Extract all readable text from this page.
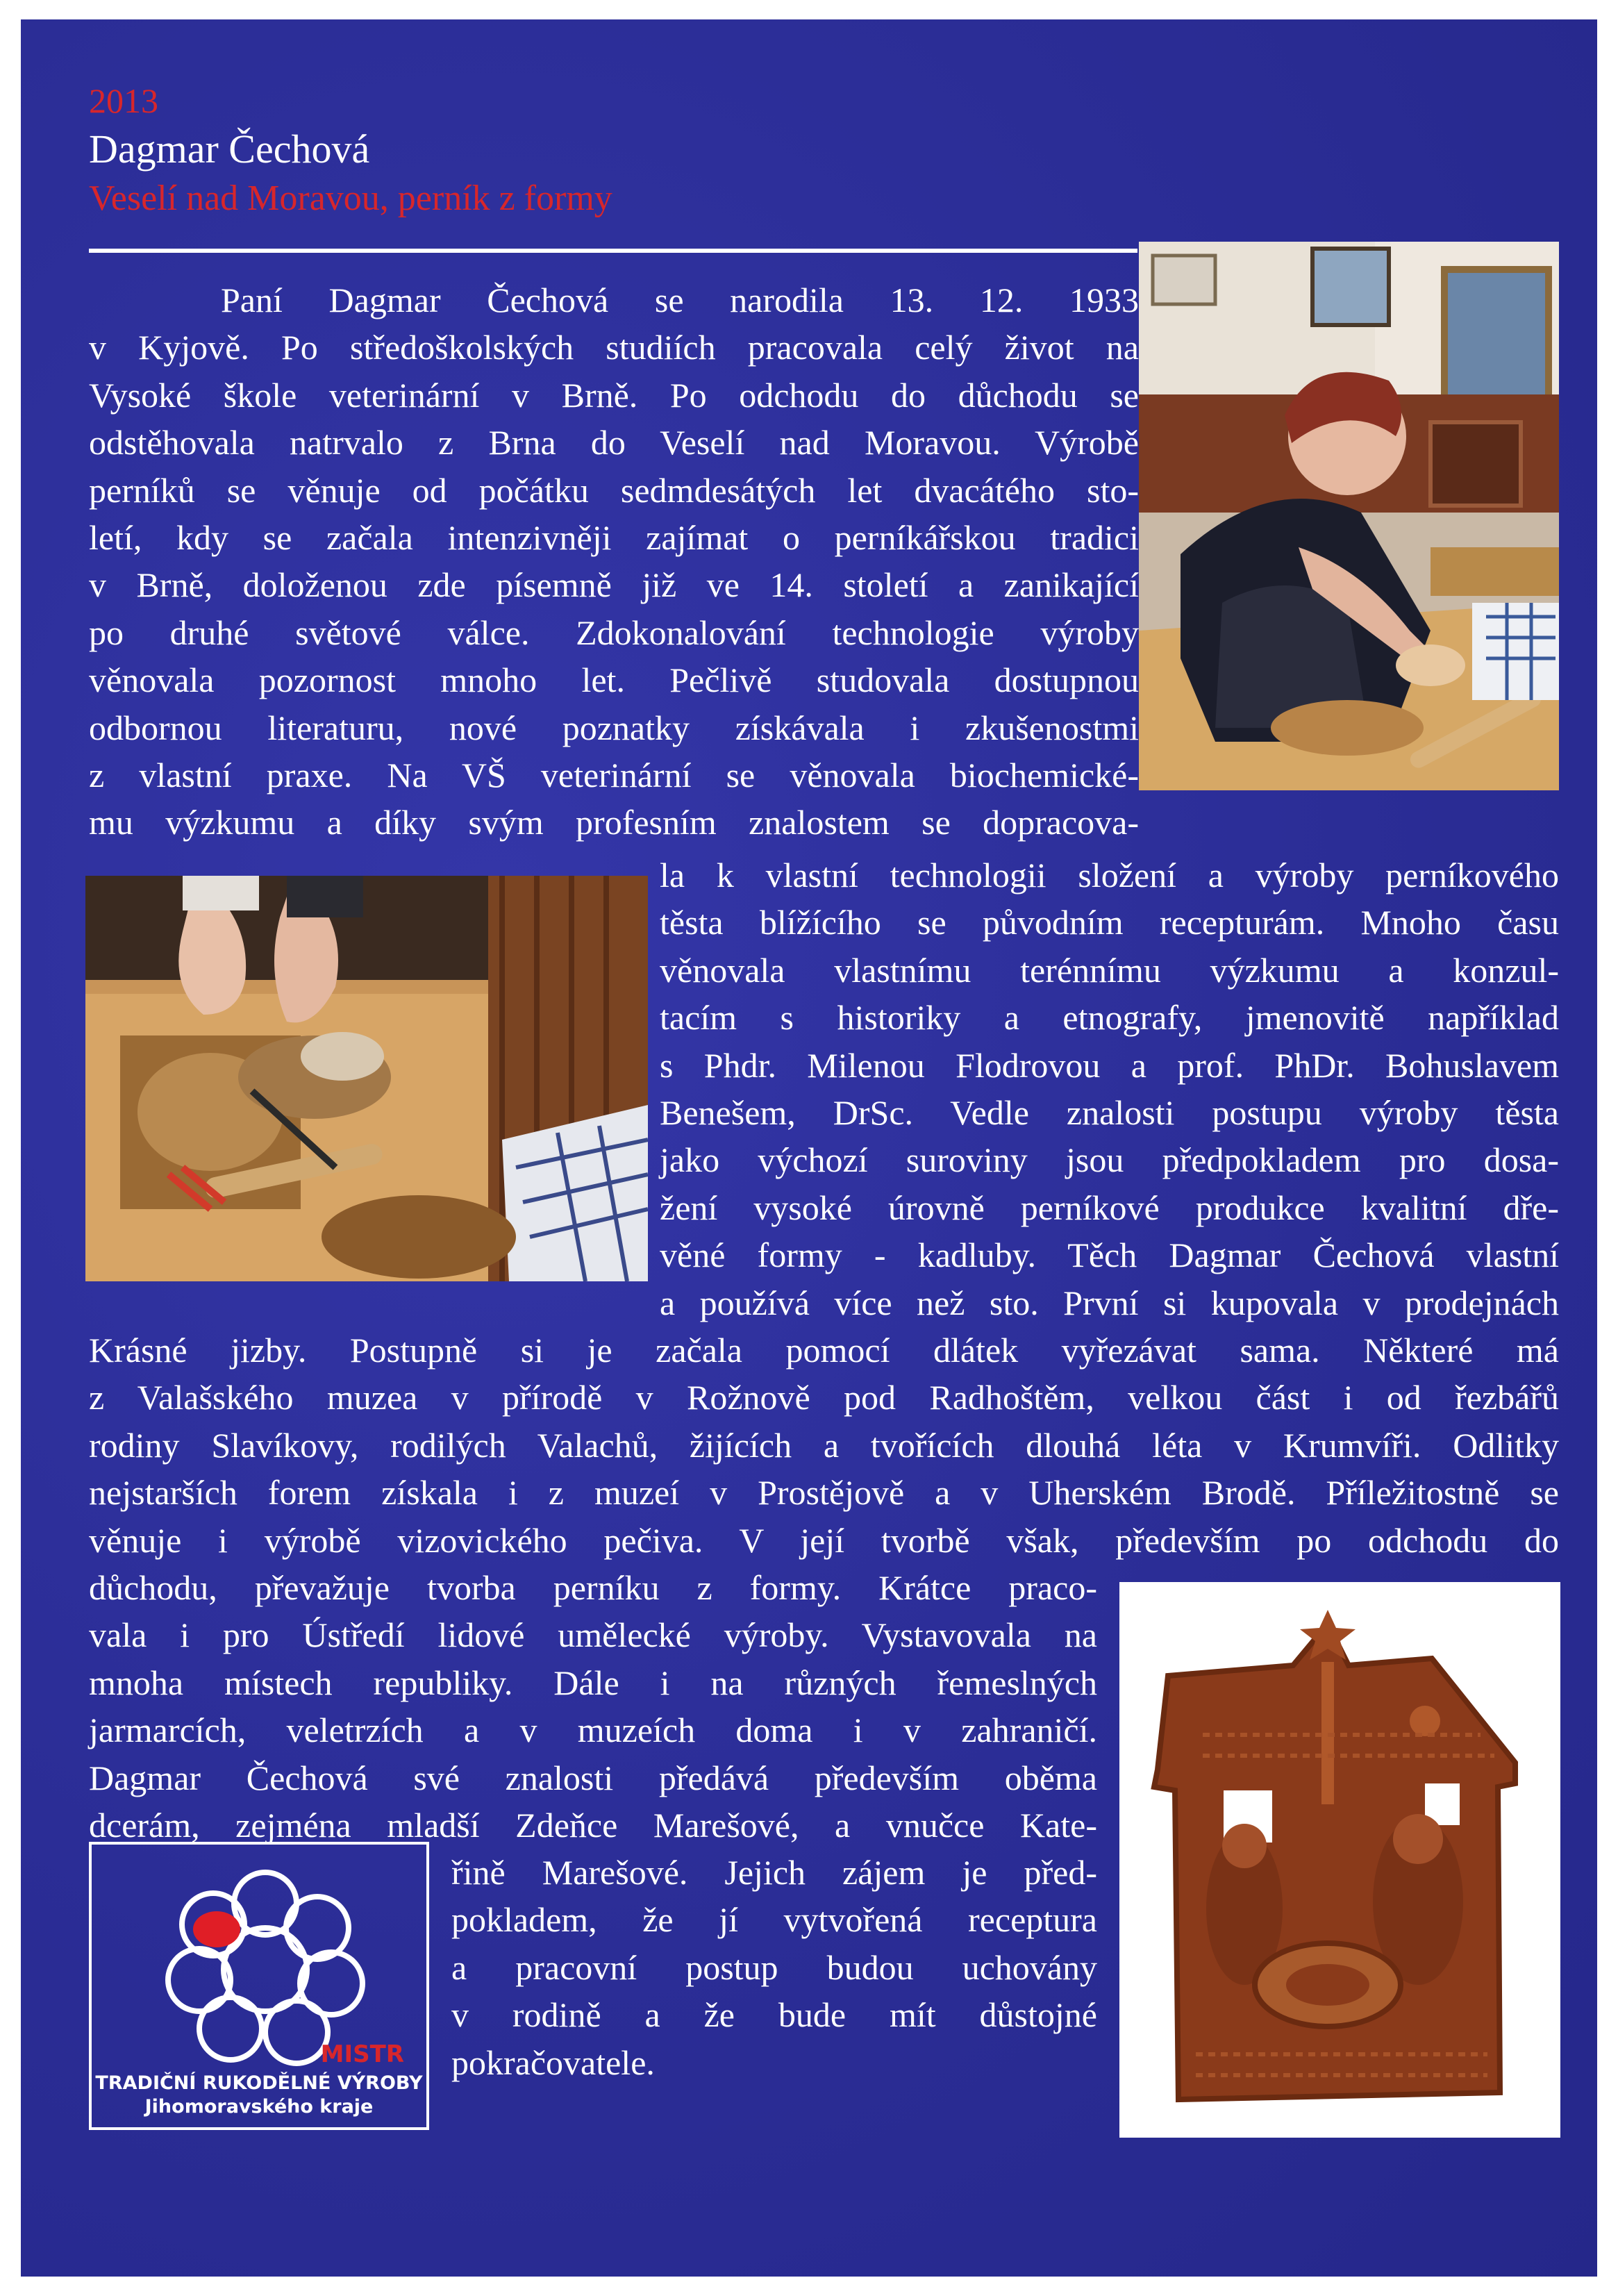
2013
Dagmar Čechová
Veselí nad Moravou, perník z formy
Paní Dagmar Čechová se narodila 13. 12. 1933
v Kyjově. Po středoškolských studiích pracovala celý život na
Vysoké škole veterinární v Brně. Po odchodu do důchodu se
odstěhovala natrvalo z Brna do Veselí nad Moravou. Výrobě
perníků se věnuje od počátku sedmdesátých let dvacátého sto-
letí, kdy se začala intenzivněji zajímat o perníkářskou tradici
v Brně, doloženou zde písemně již ve 14. století a zanikající
po druhé světové válce. Zdokonalování technologie výroby
věnovala pozornost mnoho let. Pečlivě studovala dostupnou
odbornou literaturu, nové poznatky získávala i zkušenostmi
z vlastní praxe. Na VŠ veterinární se věnovala biochemické-
mu výzkumu a díky svým profesním znalostem se dopracova-
la k vlastní technologii složení a výroby perníkového
těsta blížícího se původním recepturám. Mnoho času
věnovala vlastnímu terénnímu výzkumu a konzul-
tacím s historiky a etnografy, jmenovitě například
s Phdr. Milenou Flodrovou a prof. PhDr. Bohuslavem
Benešem, DrSc. Vedle znalosti postupu výroby těsta
jako výchozí suroviny jsou předpokladem pro dosa-
žení vysoké úrovně perníkové produkce kvalitní dře-
věné formy - kadluby. Těch Dagmar Čechová vlastní
a používá více než sto. První si kupovala v prodejnách
Krásné jizby. Postupně si je začala pomocí dlátek vyřezávat sama. Některé má
z Valašského muzea v přírodě v Rožnově pod Radhoštěm, velkou část i od řezbářů
rodiny Slavíkovy, rodilých Valachů, žijících a tvořících dlouhá léta v Krumvíři. Odlitky
nejstarších forem získala i z muzeí v Prostějově a v Uherském Brodě. Příležitostně se
věnuje i výrobě vizovického pečiva. V její tvorbě však, především po odchodu do
důchodu, převažuje tvorba perníku z formy. Krátce praco-
vala i pro Ústředí lidové umělecké výroby. Vystavovala na
mnoha místech republiky. Dále i na různých řemeslných
jarmarcích, veletrzích a v muzeích doma i v zahraničí.
Dagmar Čechová své znalosti předává především oběma
dcerám, zejména mladší Zdeňce Marešové, a vnučce Kate-
řině Marešové. Jejich zájem je před-
pokladem, že jí vytvořená receptura
a pracovní postup budou uchovány
v rodině a že bude mít důstojné
pokračovatele.
MISTR
TRADIČNÍ RUKODĚLNÉ VÝROBY
Jihomoravského kraje
